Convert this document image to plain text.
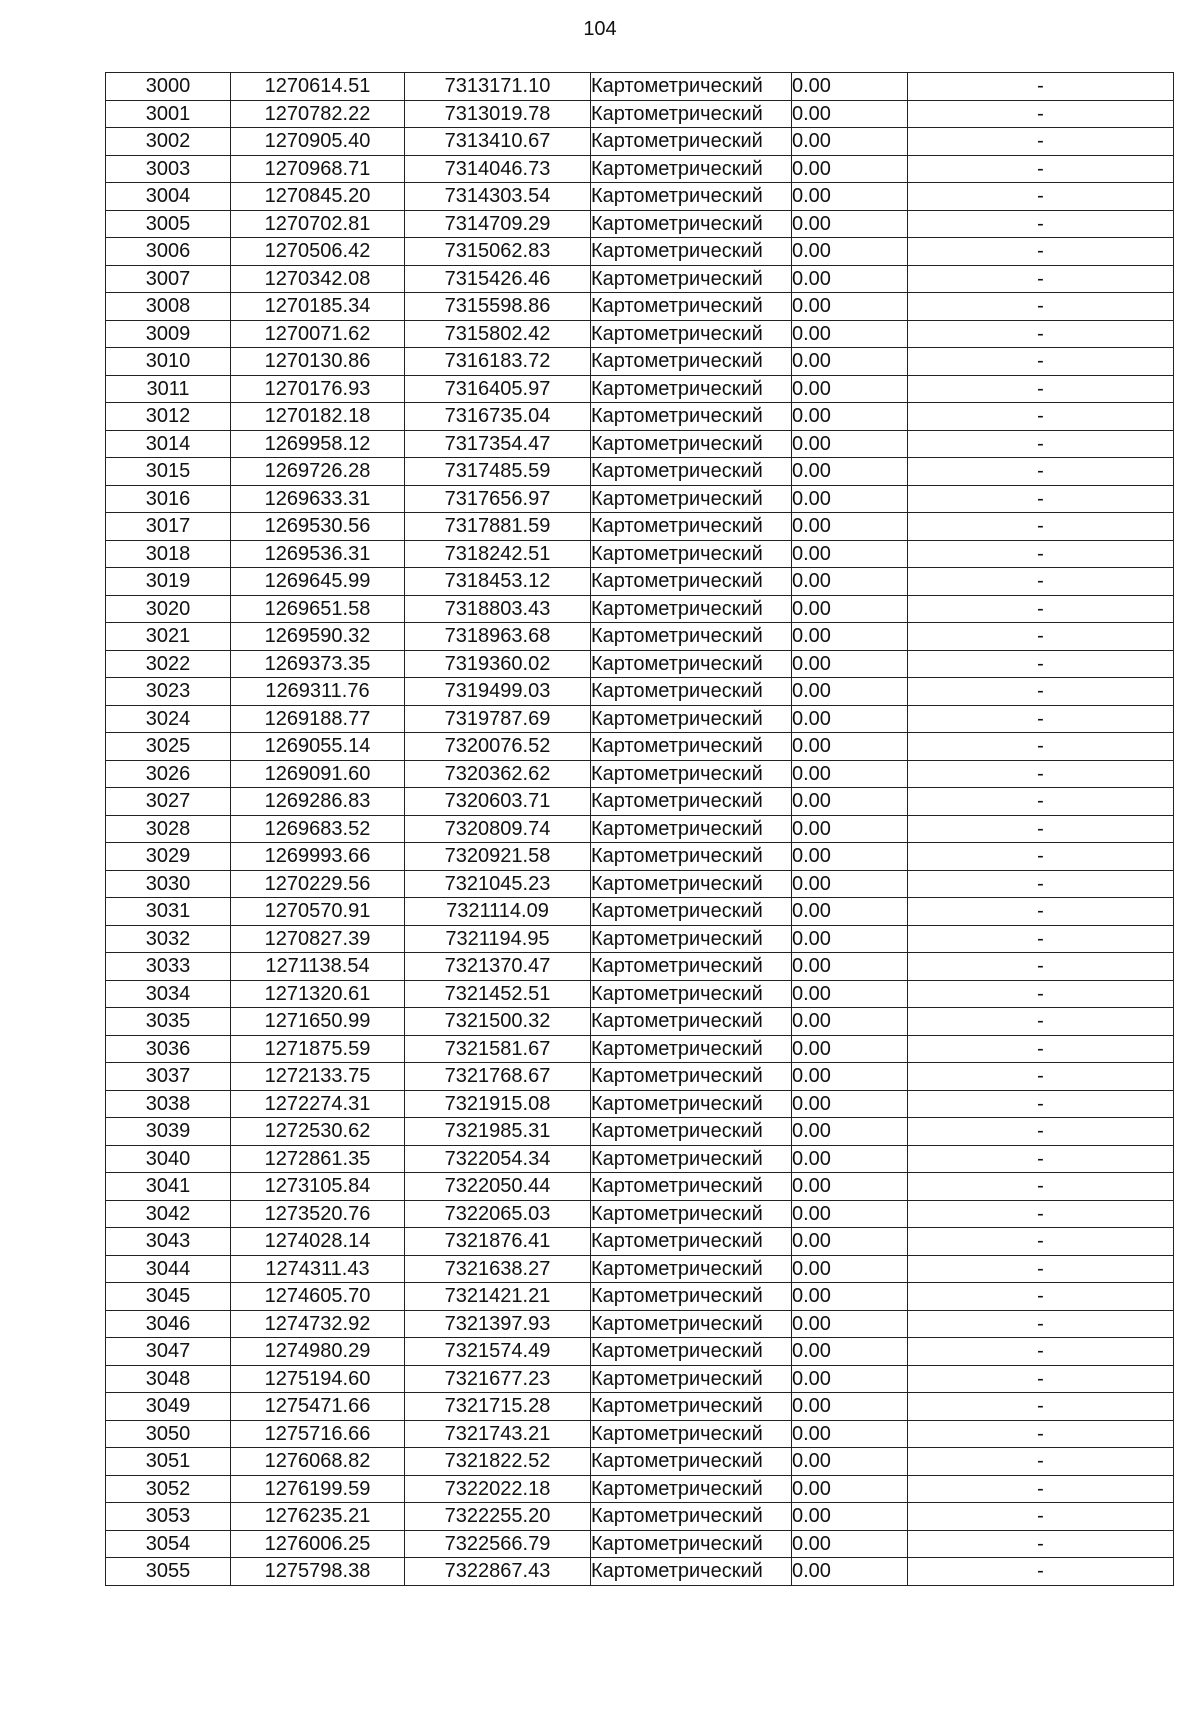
104
3000	1270614.51	7313171.10	Картометрический	0.00	-
3001	1270782.22	7313019.78	Картометрический	0.00	-
3002	1270905.40	7313410.67	Картометрический	0.00	-
3003	1270968.71	7314046.73	Картометрический	0.00	-
3004	1270845.20	7314303.54	Картометрический	0.00	-
3005	1270702.81	7314709.29	Картометрический	0.00	-
3006	1270506.42	7315062.83	Картометрический	0.00	-
3007	1270342.08	7315426.46	Картометрический	0.00	-
3008	1270185.34	7315598.86	Картометрический	0.00	-
3009	1270071.62	7315802.42	Картометрический	0.00	-
3010	1270130.86	7316183.72	Картометрический	0.00	-
3011	1270176.93	7316405.97	Картометрический	0.00	-
3012	1270182.18	7316735.04	Картометрический	0.00	-
3014	1269958.12	7317354.47	Картометрический	0.00	-
3015	1269726.28	7317485.59	Картометрический	0.00	-
3016	1269633.31	7317656.97	Картометрический	0.00	-
3017	1269530.56	7317881.59	Картометрический	0.00	-
3018	1269536.31	7318242.51	Картометрический	0.00	-
3019	1269645.99	7318453.12	Картометрический	0.00	-
3020	1269651.58	7318803.43	Картометрический	0.00	-
3021	1269590.32	7318963.68	Картометрический	0.00	-
3022	1269373.35	7319360.02	Картометрический	0.00	-
3023	1269311.76	7319499.03	Картометрический	0.00	-
3024	1269188.77	7319787.69	Картометрический	0.00	-
3025	1269055.14	7320076.52	Картометрический	0.00	-
3026	1269091.60	7320362.62	Картометрический	0.00	-
3027	1269286.83	7320603.71	Картометрический	0.00	-
3028	1269683.52	7320809.74	Картометрический	0.00	-
3029	1269993.66	7320921.58	Картометрический	0.00	-
3030	1270229.56	7321045.23	Картометрический	0.00	-
3031	1270570.91	7321114.09	Картометрический	0.00	-
3032	1270827.39	7321194.95	Картометрический	0.00	-
3033	1271138.54	7321370.47	Картометрический	0.00	-
3034	1271320.61	7321452.51	Картометрический	0.00	-
3035	1271650.99	7321500.32	Картометрический	0.00	-
3036	1271875.59	7321581.67	Картометрический	0.00	-
3037	1272133.75	7321768.67	Картометрический	0.00	-
3038	1272274.31	7321915.08	Картометрический	0.00	-
3039	1272530.62	7321985.31	Картометрический	0.00	-
3040	1272861.35	7322054.34	Картометрический	0.00	-
3041	1273105.84	7322050.44	Картометрический	0.00	-
3042	1273520.76	7322065.03	Картометрический	0.00	-
3043	1274028.14	7321876.41	Картометрический	0.00	-
3044	1274311.43	7321638.27	Картометрический	0.00	-
3045	1274605.70	7321421.21	Картометрический	0.00	-
3046	1274732.92	7321397.93	Картометрический	0.00	-
3047	1274980.29	7321574.49	Картометрический	0.00	-
3048	1275194.60	7321677.23	Картометрический	0.00	-
3049	1275471.66	7321715.28	Картометрический	0.00	-
3050	1275716.66	7321743.21	Картометрический	0.00	-
3051	1276068.82	7321822.52	Картометрический	0.00	-
3052	1276199.59	7322022.18	Картометрический	0.00	-
3053	1276235.21	7322255.20	Картометрический	0.00	-
3054	1276006.25	7322566.79	Картометрический	0.00	-
3055	1275798.38	7322867.43	Картометрический	0.00	-
